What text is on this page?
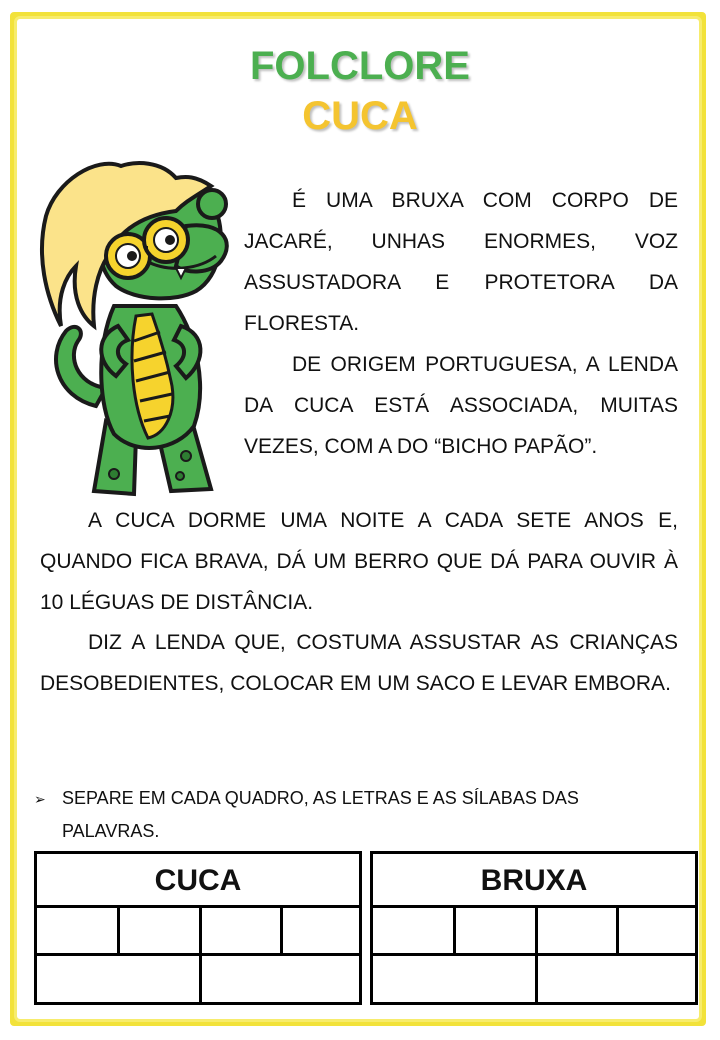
FOLCLORE
CUCA
É UMA BRUXA COM CORPO DE JACARÉ, UNHAS ENORMES, VOZ ASSUSTADORA E PROTETORA DA FLORESTA.
DE ORIGEM PORTUGUESA, A LENDA DA CUCA ESTÁ ASSOCIADA, MUITAS VEZES, COM A DO “BICHO PAPÃO”.
A CUCA DORME UMA NOITE A CADA SETE ANOS E, QUANDO FICA BRAVA, DÁ UM BERRO QUE DÁ PARA OUVIR À 10 LÉGUAS DE DISTÂNCIA.
DIZ A LENDA QUE, COSTUMA ASSUSTAR AS CRIANÇAS DESOBEDIENTES, COLOCAR EM UM SACO E LEVAR EMBORA.
➢ SEPARE EM CADA QUADRO, AS LETRAS E AS SÍLABAS DAS
PALAVRAS.
CUCA	BRUXA
